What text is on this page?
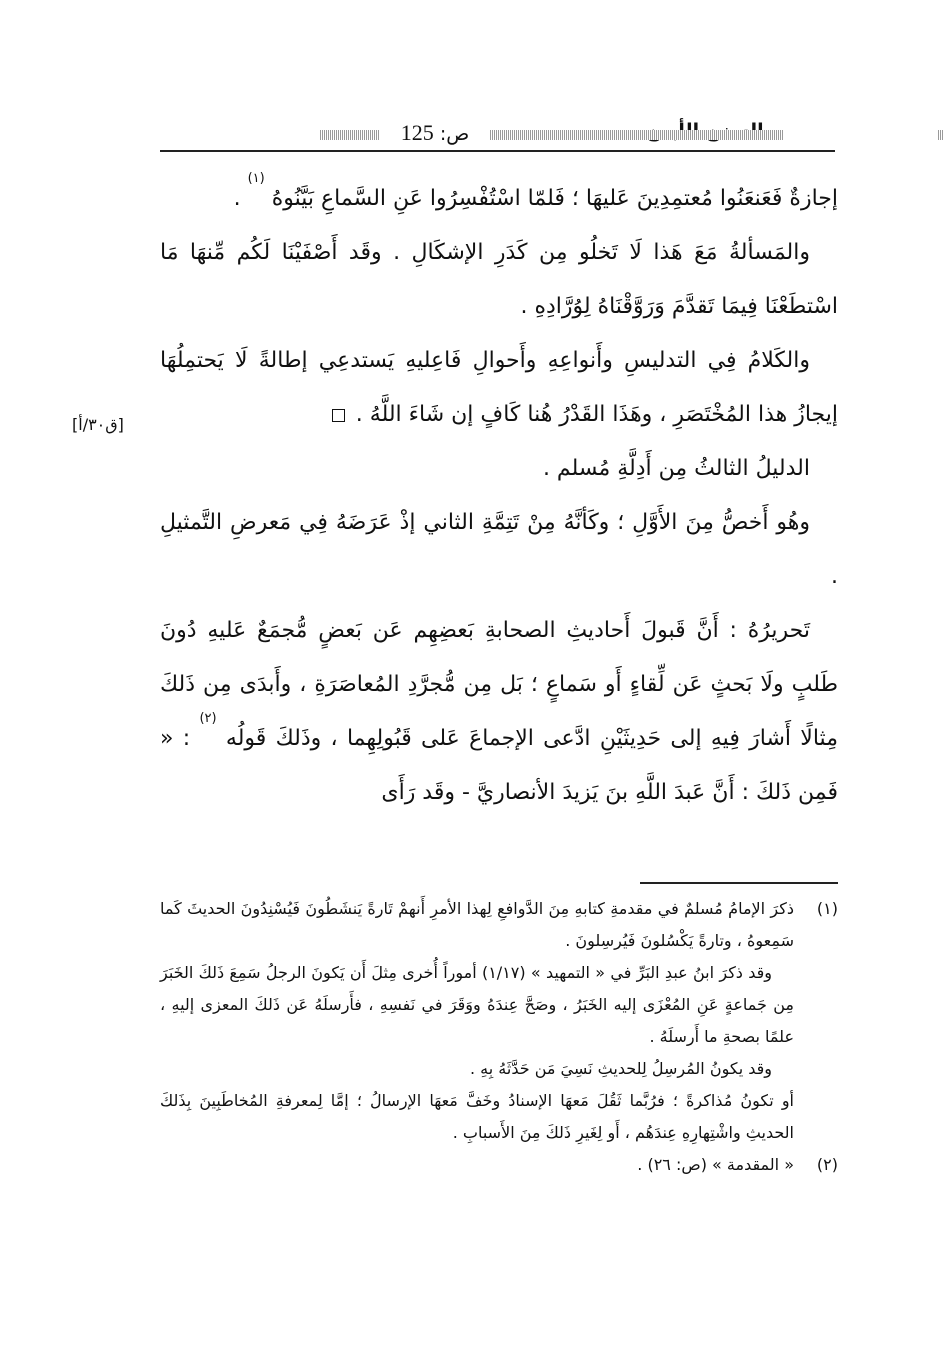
ص: 125

إجازةٌ فَعَنعَنُوا مُعتمِدِينَ عَليهَا ؛ فَلمّا اسْتُفْسِرُوا عَنِ السَّماعِ بَيَّنُوهُ $^{(١)}$ .

والمَسألةُ مَعَ هَذا لَا تَخلُو مِن كَدَرِ الإشكَالِ . وقَد أَصْفَيْنَا لَكُم مِّنهَا مَا اسْتطَعْنَا فِيمَا تَقدَّمَ وَرَوَّقْنَاهُ لِوُرَّادِهِ .

والكَلامُ فِي التدليسِ وأَنواعِهِ وأَحوالِ فَاعِليهِ يَستدعِي إطالةً لَا يَحتمِلُهَا إيجازُ هذا المُخْتَصَرِ ، وهَذَا القَدْرُ هُنا كَافٍ إن شَاءَ اللَّهُ .

الدليلُ الثالثُ مِن أَدِلَّةِ مُسلم .

وهُو أَخصُّ مِنَ الأَوَّلِ ؛ وكَأنَّهُ مِنْ تَتِمَّةِ الثاني إذْ عَرَضَهُ فِي مَعرضِ التَّمثيلِ .

تَحريرُهُ : أَنَّ قَبولَ أَحاديثِ الصحابةِ بَعضِهِم عَن بَعضٍ مُّجمَعٌ عَليهِ دُونَ طَلبٍ ولَا بَحثٍ عَن لِّقاءٍ أَو سَماعٍ ؛ بَل مِن مُّجرَّدِ المُعاصَرَةِ ، وأَبدَى مِن ذَلكَ مِثالًا أَشارَ فِيهِ إلى حَدِيثَيْنِ ادَّعى الإجماعَ عَلى قَبُولِهِما ، وذَلكَ قَولُه $^{(٢)}$ : « فَمِن ذَلكَ : أَنَّ عَبدَ اللَّهِ بنَ يَزيدَ الأنصاريَّ - وقَد رَأَى

[ق٣٠/أ]
(١)

ذكرَ الإمامُ مُسلمٌ في مقدمةِ كتابهِ مِنَ الدَّوافعِ لِهذا الأمرِ أَنهمْ تَارةً يَنشَطُونَ فَيُسْنِدُونَ الحديثَ كَما سَمِعوهُ ، وتارةً يَكْسُلونَ فَيُرسِلونَ .

وقد ذكرَ ابنُ عبدِ البَرِّ في « التمهيد » (١/١٧) أموراً أُخرى مِثلَ أَن يَكونَ الرجلُ سَمِعَ ذَلكَ الخَبَرَ مِن جَماعةٍ عَنِ المُعْزَى إليه الخَبَرُ ، وصَحَّ عِندَهُ ووَقَرَ في نَفسِهِ ، فأَرسلَهُ عَن ذَلكَ المعزى إليهِ ، علمًا بصحةِ ما أَرسلَهُ .

وقد يكونُ المُرسِلُ لِلحديثِ نَسِيَ مَن حَدَّثَهُ بِهِ .

أو تكونُ مُذاكرةً ؛ فرُبَّما ثَقُلَ مَعهَا الإسنادُ وخَفَّ مَعهَا الإرسالُ ؛ إمَّا لِمعرفةِ المُخاطَبِينَ بِذَلكَ الحديثِ واشْتِهارِهِ عِندَهُم ، أَو لِغَيرِ ذَلكَ مِنَ الأَسبابِ .

(٢)

« المقدمة » (ص: ٢٦) .
